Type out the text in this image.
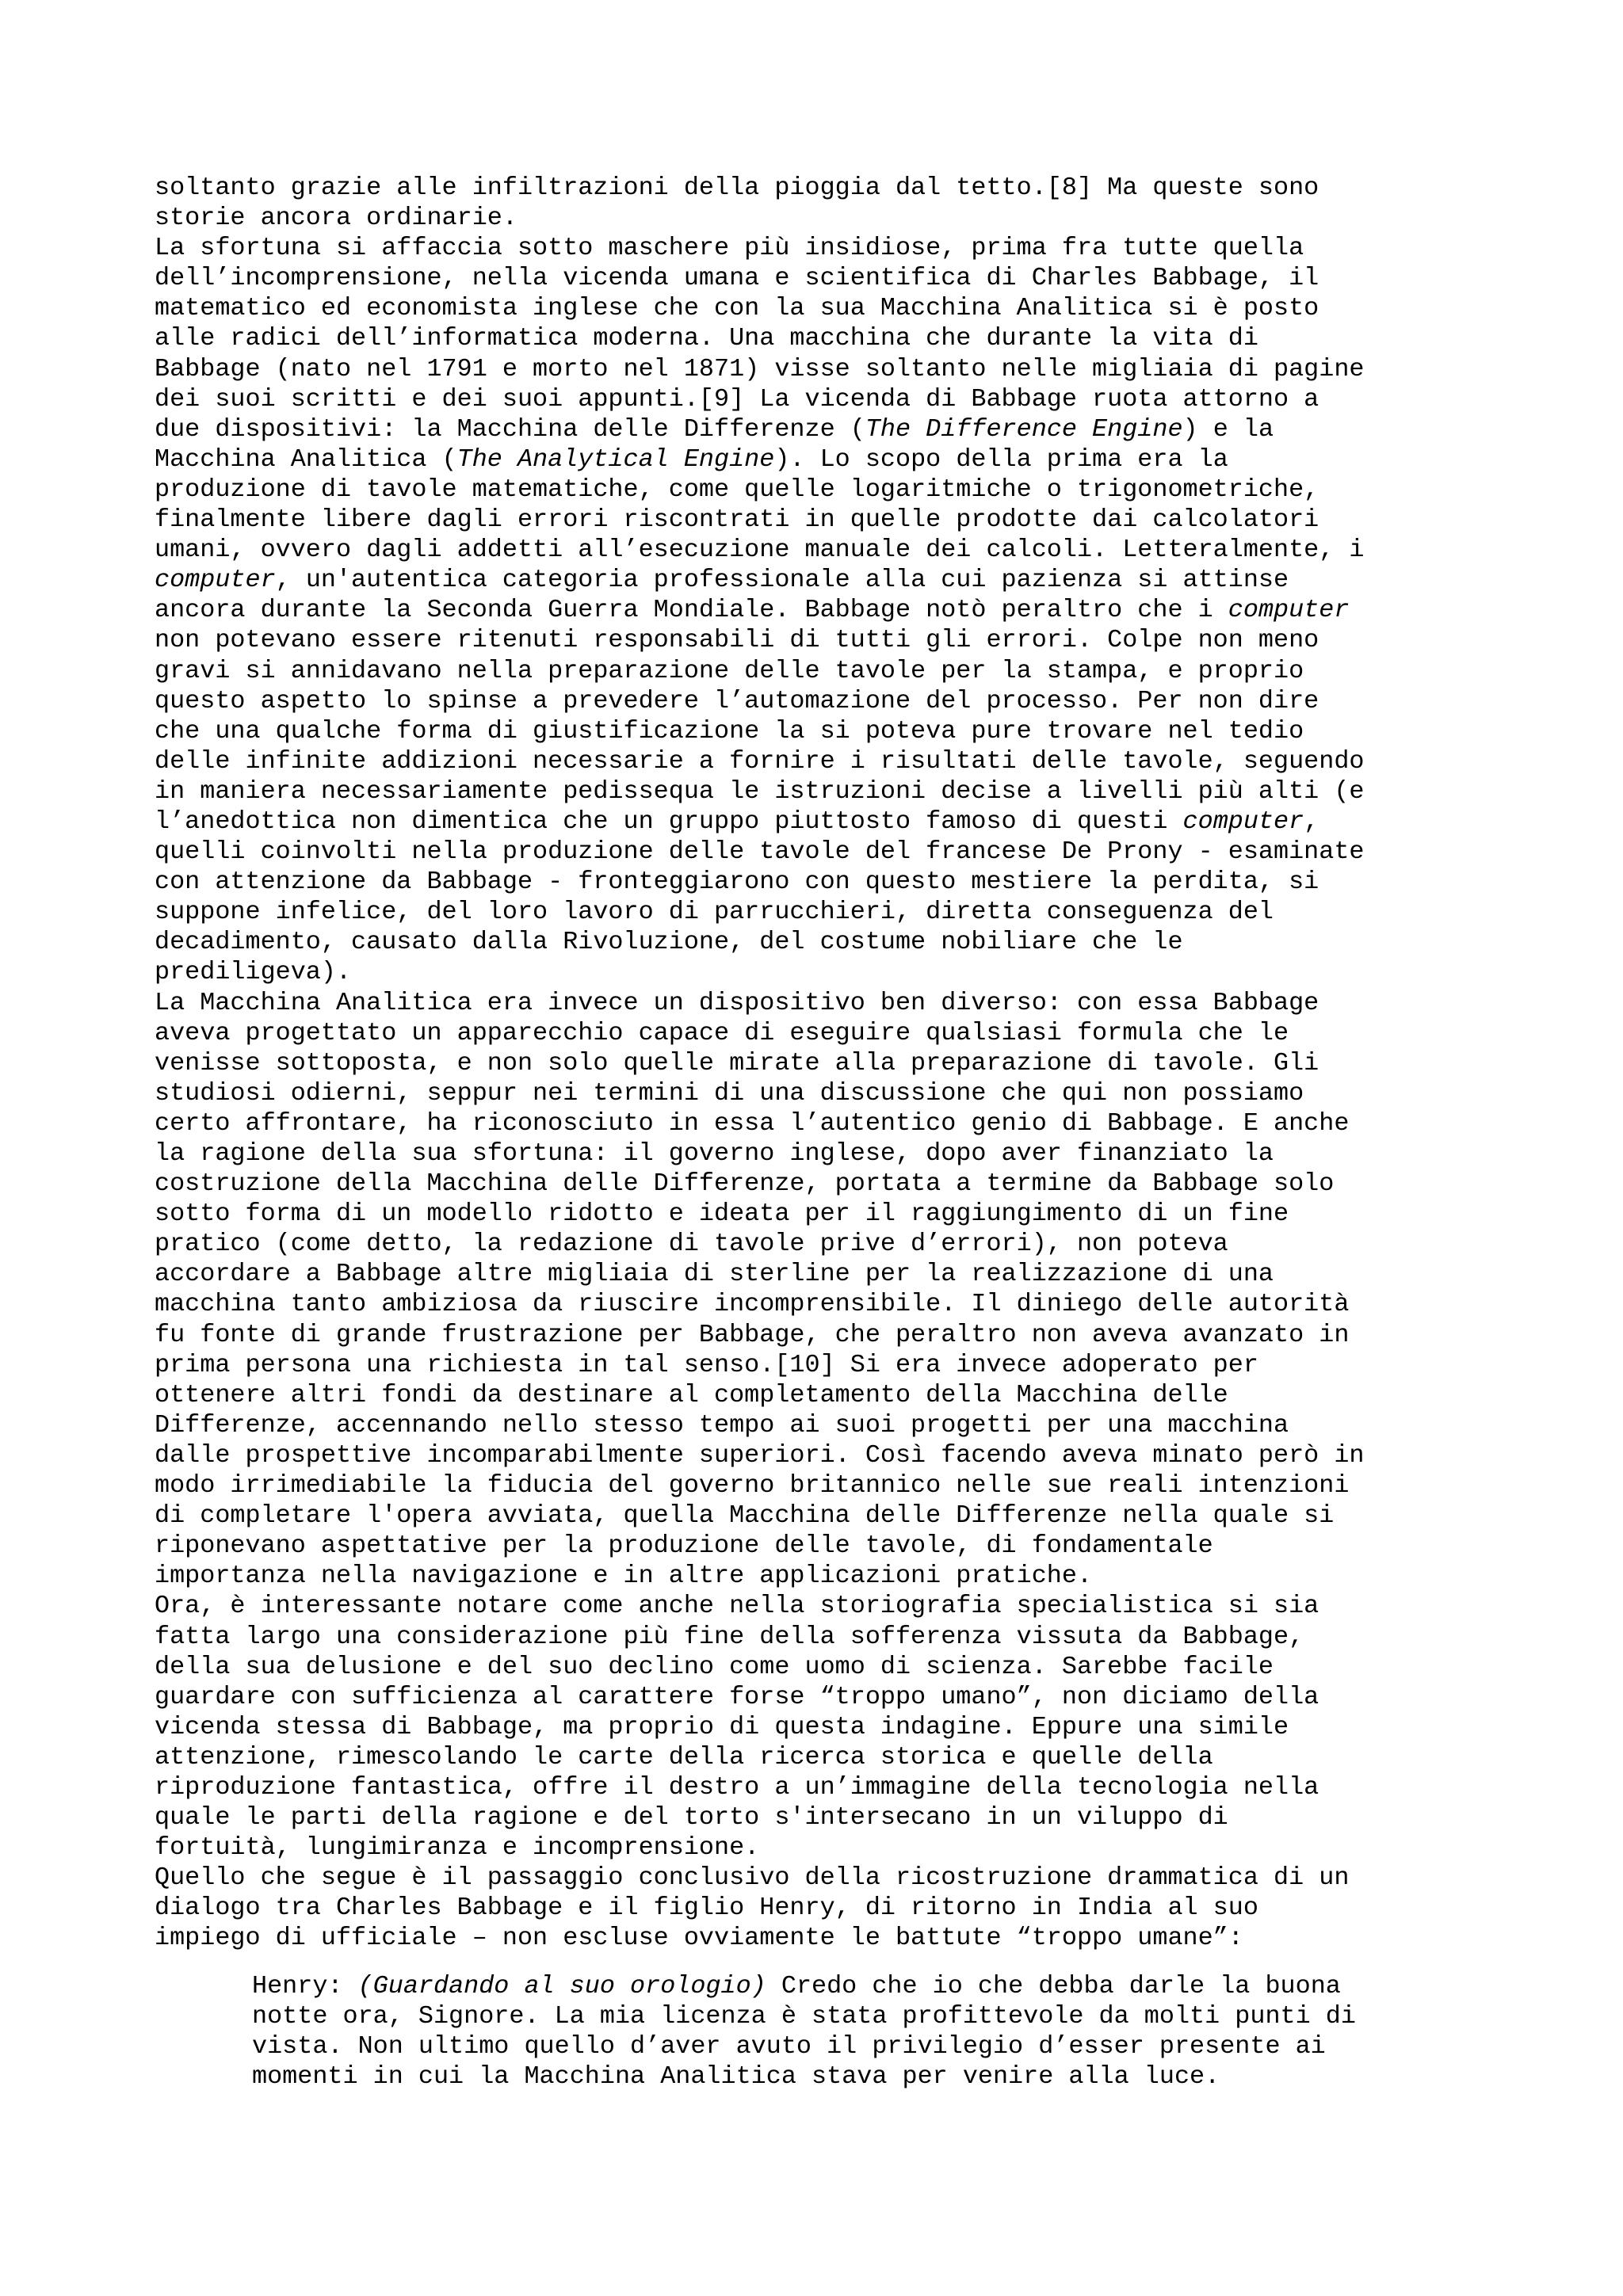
soltanto grazie alle infiltrazioni della pioggia dal tetto.[8] Ma queste sono
storie ancora ordinarie.
La sfortuna si affaccia sotto maschere più insidiose, prima fra tutte quella
dell’incomprensione, nella vicenda umana e scientifica di Charles Babbage, il
matematico ed economista inglese che con la sua Macchina Analitica si è posto
alle radici dell’informatica moderna. Una macchina che durante la vita di
Babbage (nato nel 1791 e morto nel 1871) visse soltanto nelle migliaia di pagine
dei suoi scritti e dei suoi appunti.[9] La vicenda di Babbage ruota attorno a
due dispositivi: la Macchina delle Differenze (The Difference Engine) e la
Macchina Analitica (The Analytical Engine). Lo scopo della prima era la
produzione di tavole matematiche, come quelle logaritmiche o trigonometriche,
finalmente libere dagli errori riscontrati in quelle prodotte dai calcolatori
umani, ovvero dagli addetti all’esecuzione manuale dei calcoli. Letteralmente, i
computer, un'autentica categoria professionale alla cui pazienza si attinse
ancora durante la Seconda Guerra Mondiale. Babbage notò peraltro che i computer
non potevano essere ritenuti responsabili di tutti gli errori. Colpe non meno
gravi si annidavano nella preparazione delle tavole per la stampa, e proprio
questo aspetto lo spinse a prevedere l’automazione del processo. Per non dire
che una qualche forma di giustificazione la si poteva pure trovare nel tedio
delle infinite addizioni necessarie a fornire i risultati delle tavole, seguendo
in maniera necessariamente pedissequa le istruzioni decise a livelli più alti (e
l’anedottica non dimentica che un gruppo piuttosto famoso di questi computer,
quelli coinvolti nella produzione delle tavole del francese De Prony - esaminate
con attenzione da Babbage - fronteggiarono con questo mestiere la perdita, si
suppone infelice, del loro lavoro di parrucchieri, diretta conseguenza del
decadimento, causato dalla Rivoluzione, del costume nobiliare che le
prediligeva).
La Macchina Analitica era invece un dispositivo ben diverso: con essa Babbage
aveva progettato un apparecchio capace di eseguire qualsiasi formula che le
venisse sottoposta, e non solo quelle mirate alla preparazione di tavole. Gli
studiosi odierni, seppur nei termini di una discussione che qui non possiamo
certo affrontare, ha riconosciuto in essa l’autentico genio di Babbage. E anche
la ragione della sua sfortuna: il governo inglese, dopo aver finanziato la
costruzione della Macchina delle Differenze, portata a termine da Babbage solo
sotto forma di un modello ridotto e ideata per il raggiungimento di un fine
pratico (come detto, la redazione di tavole prive d’errori), non poteva
accordare a Babbage altre migliaia di sterline per la realizzazione di una
macchina tanto ambiziosa da riuscire incomprensibile. Il diniego delle autorità
fu fonte di grande frustrazione per Babbage, che peraltro non aveva avanzato in
prima persona una richiesta in tal senso.[10] Si era invece adoperato per
ottenere altri fondi da destinare al completamento della Macchina delle
Differenze, accennando nello stesso tempo ai suoi progetti per una macchina
dalle prospettive incomparabilmente superiori. Così facendo aveva minato però in
modo irrimediabile la fiducia del governo britannico nelle sue reali intenzioni
di completare l'opera avviata, quella Macchina delle Differenze nella quale si
riponevano aspettative per la produzione delle tavole, di fondamentale
importanza nella navigazione e in altre applicazioni pratiche.
Ora, è interessante notare come anche nella storiografia specialistica si sia
fatta largo una considerazione più fine della sofferenza vissuta da Babbage,
della sua delusione e del suo declino come uomo di scienza. Sarebbe facile
guardare con sufficienza al carattere forse “troppo umano”, non diciamo della
vicenda stessa di Babbage, ma proprio di questa indagine. Eppure una simile
attenzione, rimescolando le carte della ricerca storica e quelle della
riproduzione fantastica, offre il destro a un’immagine della tecnologia nella
quale le parti della ragione e del torto s'intersecano in un viluppo di
fortuità, lungimiranza e incomprensione.
Quello che segue è il passaggio conclusivo della ricostruzione drammatica di un
dialogo tra Charles Babbage e il figlio Henry, di ritorno in India al suo
impiego di ufficiale – non escluse ovviamente le battute “troppo umane”:
Henry: (Guardando al suo orologio) Credo che io che debba darle la buona
notte ora, Signore. La mia licenza è stata profittevole da molti punti di
vista. Non ultimo quello d’aver avuto il privilegio d’esser presente ai
momenti in cui la Macchina Analitica stava per venire alla luce.
